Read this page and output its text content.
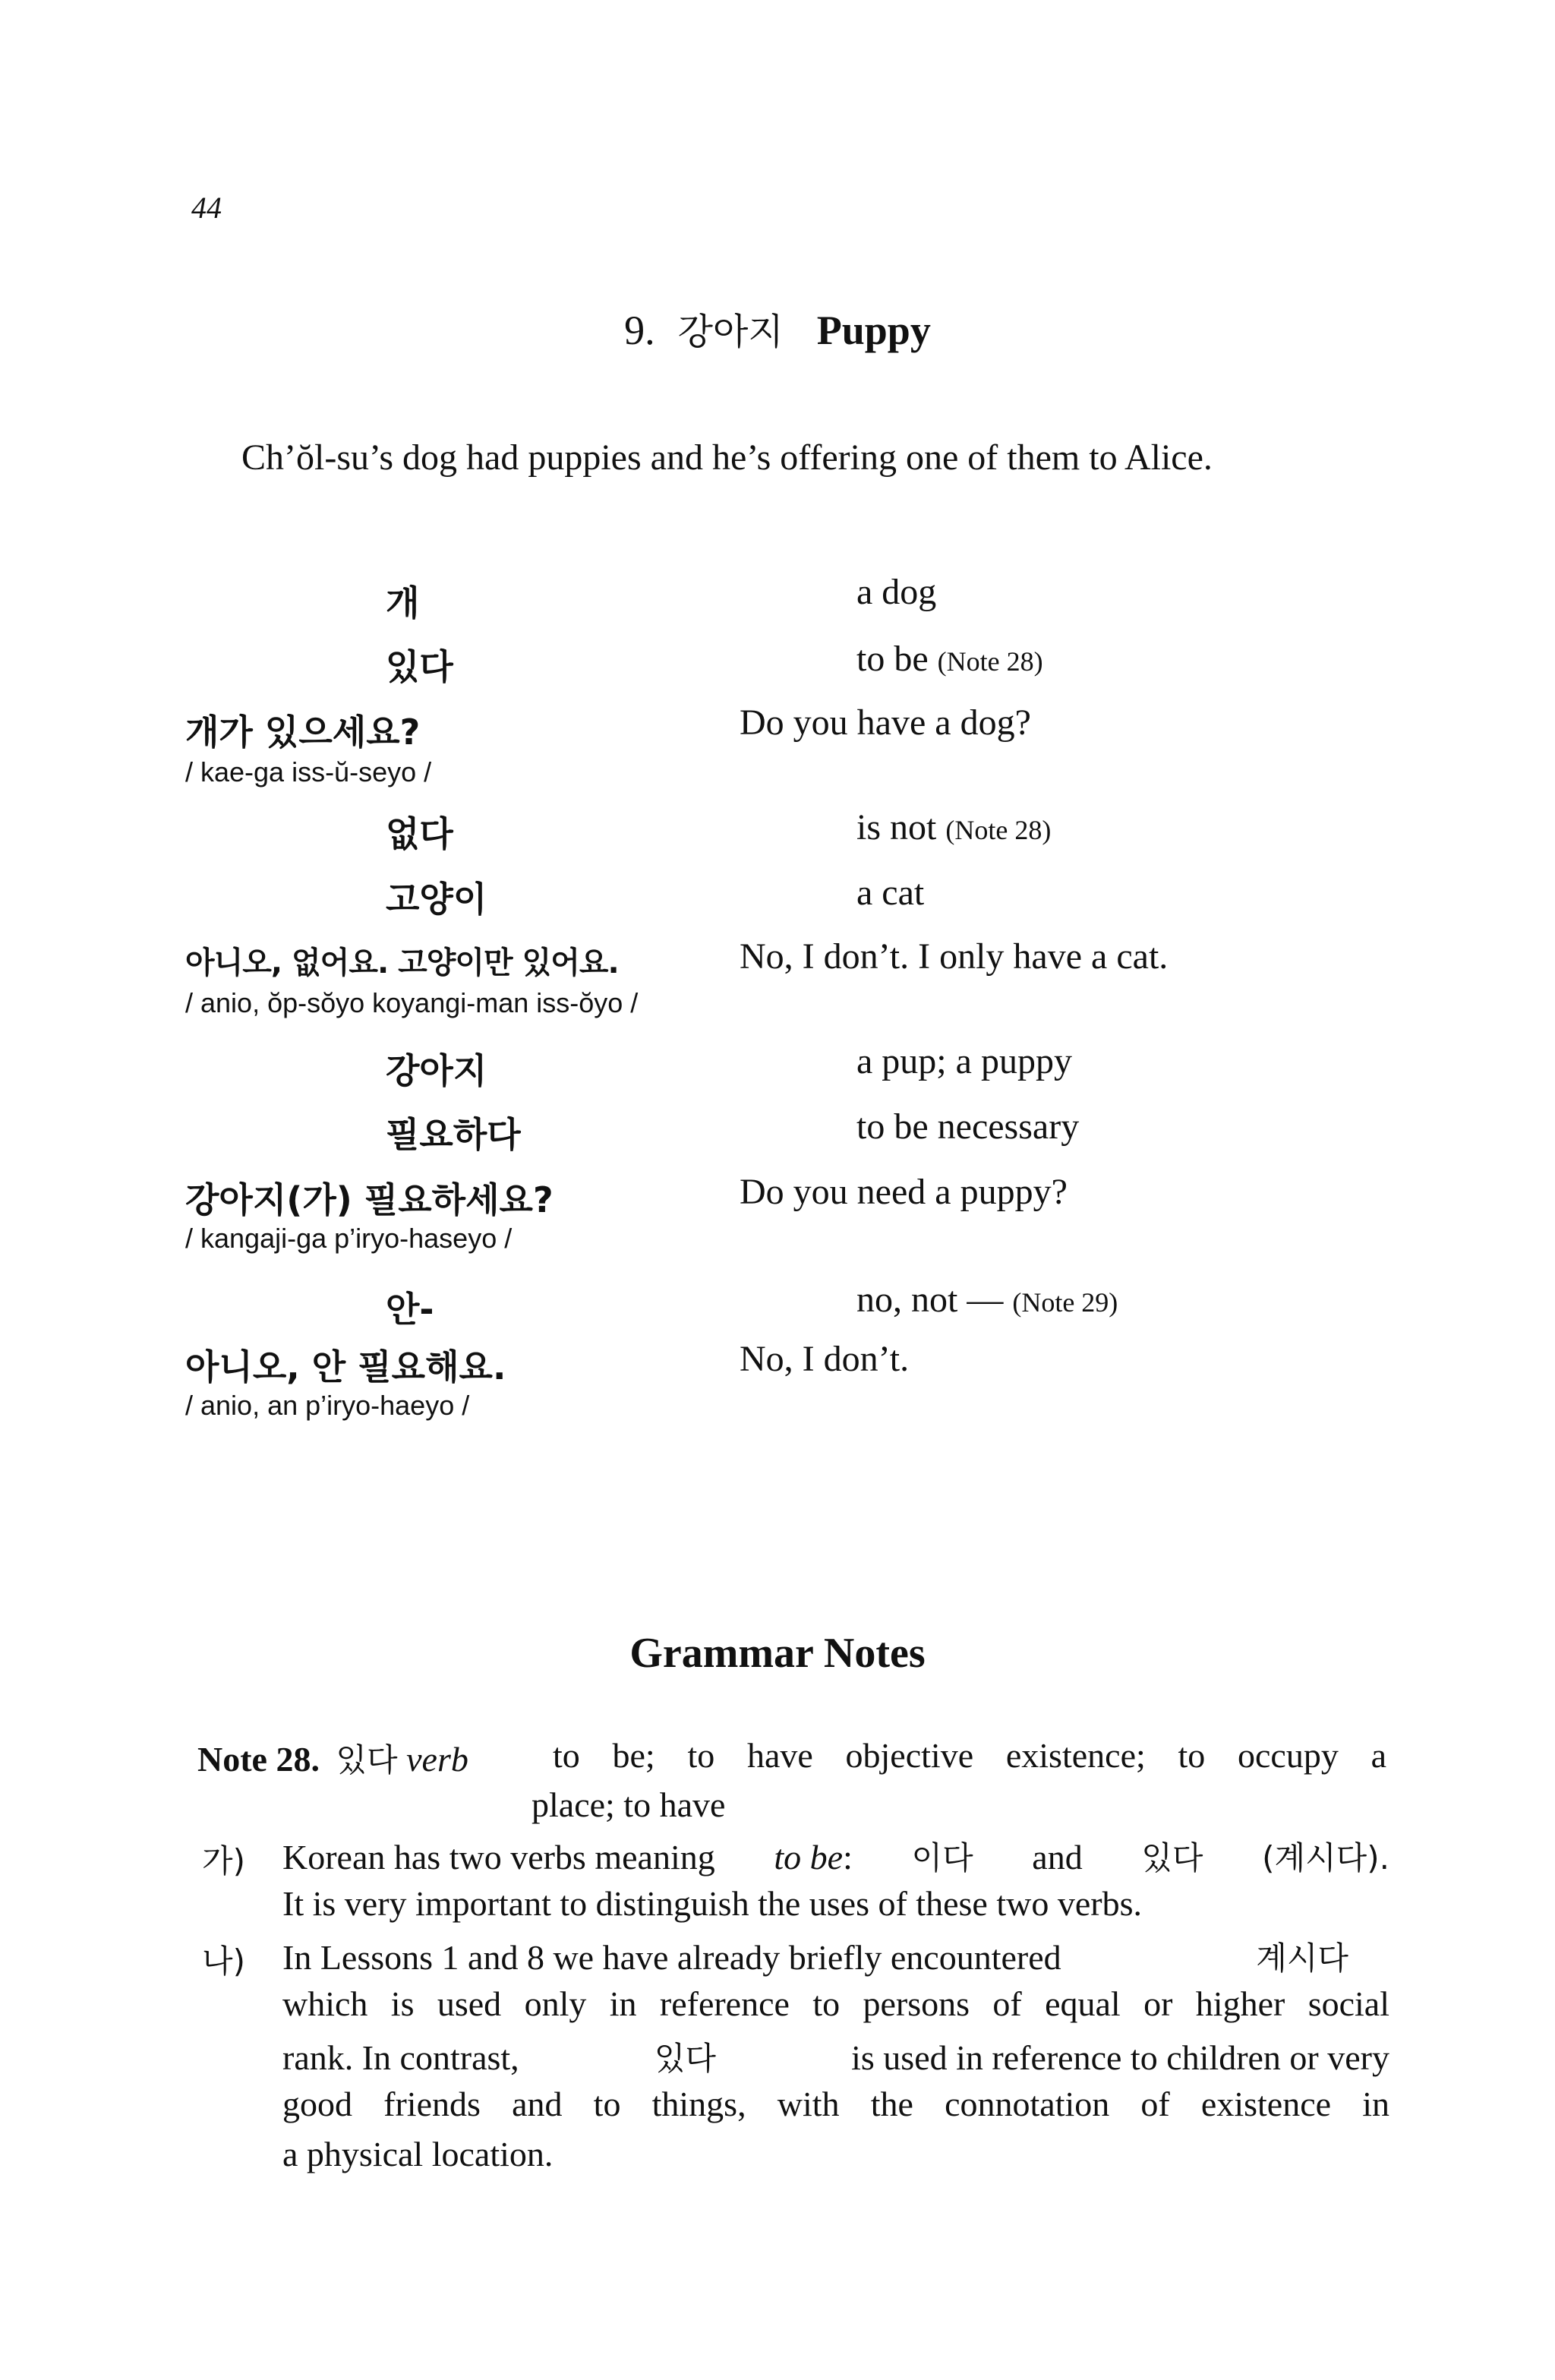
44
9. 강아지 Puppy
Ch’ŏl-su’s dog had puppies and he’s offering one of them to Alice.
개	a dog
있다	to be (Note 28)
개가 있으세요?	Do you have a dog?
/ kae-ga iss-ŭ-seyo /
없다	is not (Note 28)
고양이	a cat
아니오, 없어요. 고양이만 있어요.	No, I don’t. I only have a cat.
/ anio, ŏp-sŏyo koyangi-man iss-ŏyo /
강아지	a pup; a puppy
필요하다	to be necessary
강아지(가) 필요하세요?	Do you need a puppy?
/ kangaji-ga p’iryo-haseyo /
안-	no, not — (Note 29)
아니오, 안 필요해요.	No, I don’t.
/ anio, an p’iryo-haeyo /
Grammar Notes
Note 28. 있다 verb to be; to have objective existence; to occupy a
place; to have
가) Korean has two verbs meaning to be: 이다 and 있다 (계시다).
It is very important to distinguish the uses of these two verbs.
나) In Lessons 1 and 8 we have already briefly encountered	계시다
which is used only in reference to persons of equal or higher social
rank. In contrast,	있다	is used in reference to children or very
good friends and to things, with the connotation of existence in
a physical location.
